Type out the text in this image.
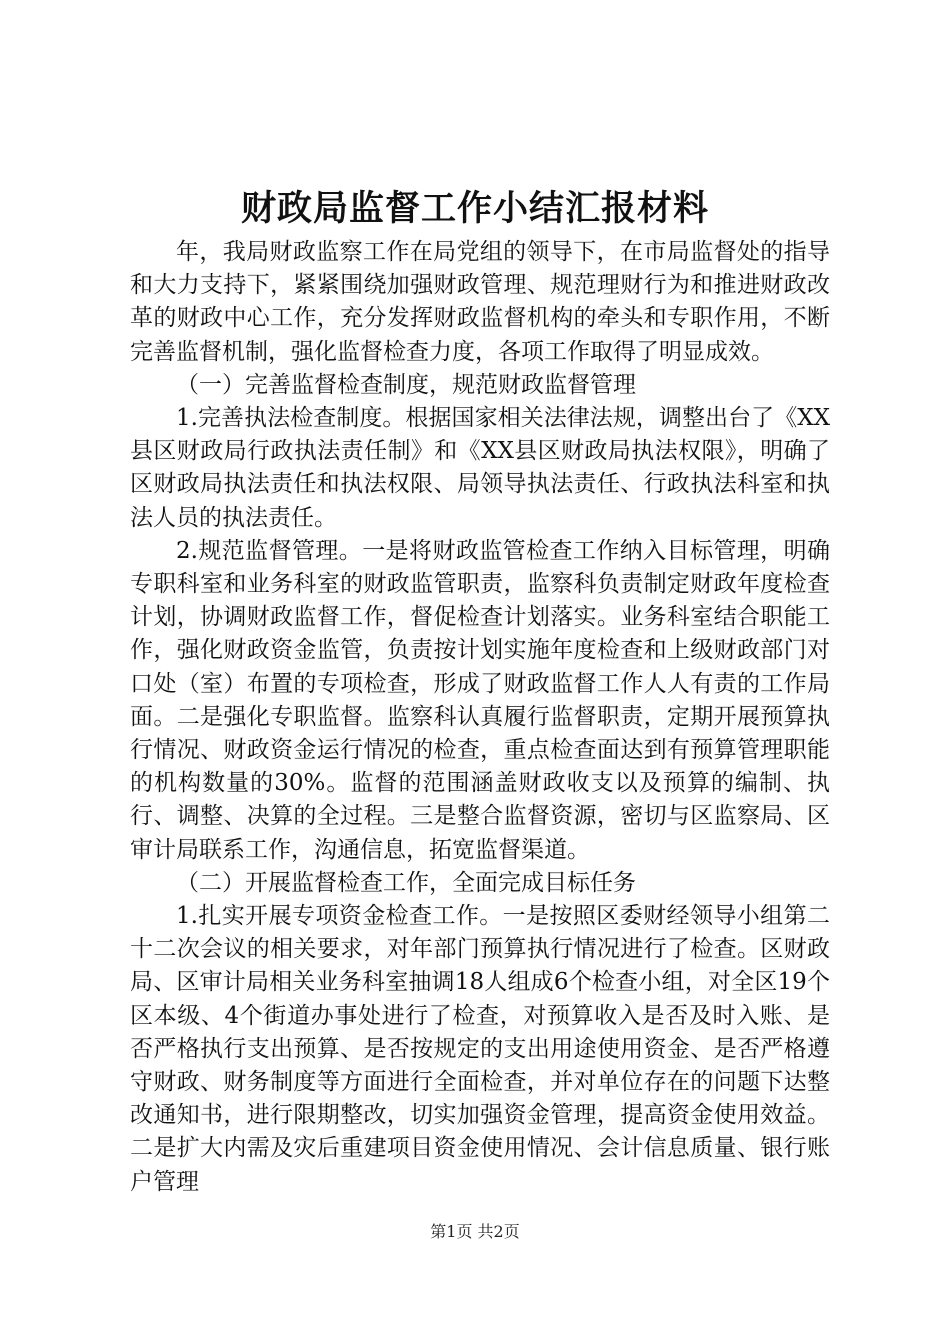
财政局监督工作小结汇报材料

年，我局财政监察工作在局党组的领导下，在市局监督处的指导和大力支持下，紧紧围绕加强财政管理、规范理财行为和推进财政改革的财政中心工作，充分发挥财政监督机构的牵头和专职作用，不断完善监督机制，强化监督检查力度，各项工作取得了明显成效。

（一）完善监督检查制度，规范财政监督管理

1.完善执法检查制度。根据国家相关法律法规，调整出台了《XX县区财政局行政执法责任制》和《XX县区财政局执法权限》，明确了区财政局执法责任和执法权限、局领导执法责任、行政执法科室和执法人员的执法责任。

2.规范监督管理。一是将财政监管检查工作纳入目标管理，明确专职科室和业务科室的财政监管职责，监察科负责制定财政年度检查计划，协调财政监督工作，督促检查计划落实。业务科室结合职能工作，强化财政资金监管，负责按计划实施年度检查和上级财政部门对口处（室）布置的专项检查，形成了财政监督工作人人有责的工作局面。二是强化专职监督。监察科认真履行监督职责，定期开展预算执行情况、财政资金运行情况的检查，重点检查面达到有预算管理职能的机构数量的30%。监督的范围涵盖财政收支以及预算的编制、执行、调整、决算的全过程。三是整合监督资源，密切与区监察局、区审计局联系工作，沟通信息，拓宽监督渠道。

（二）开展监督检查工作，全面完成目标任务

1.扎实开展专项资金检查工作。一是按照区委财经领导小组第二十二次会议的相关要求，对年部门预算执行情况进行了检查。区财政局、区审计局相关业务科室抽调18人组成6个检查小组，对全区19个区本级、4个街道办事处进行了检查，对预算收入是否及时入账、是否严格执行支出预算、是否按规定的支出用途使用资金、是否严格遵守财政、财务制度等方面进行全面检查，并对单位存在的问题下达整改通知书，进行限期整改，切实加强资金管理，提高资金使用效益。二是扩大内需及灾后重建项目资金使用情况、会计信息质量、银行账户管理

第1页 共2页
